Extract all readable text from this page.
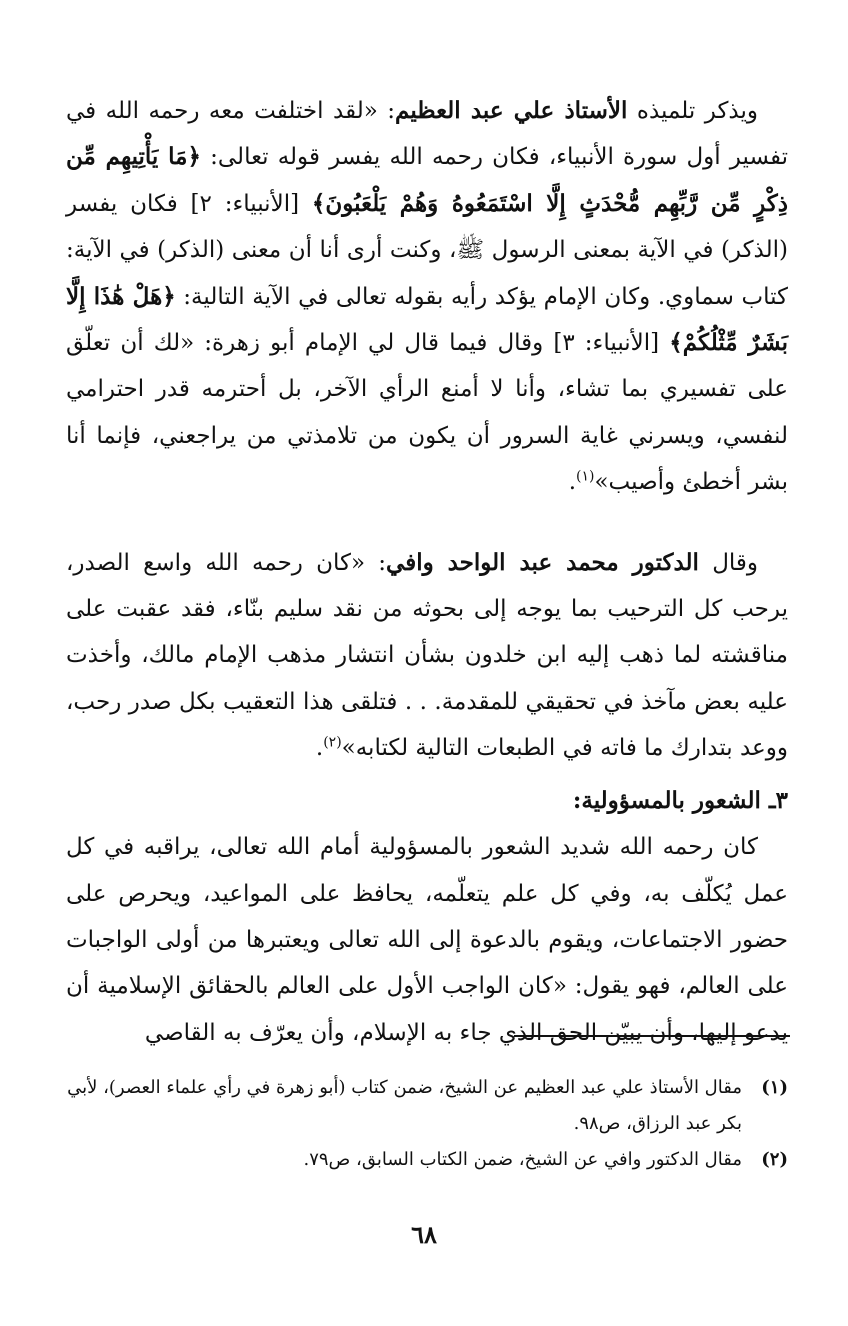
ويذكر تلميذه الأستاذ علي عبد العظيم: «لقد اختلفت معه رحمه الله في تفسير أول سورة الأنبياء، فكان رحمه الله يفسر قوله تعالى: ﴿مَا يَأْتِيهِم مِّن ذِكْرٍ مِّن رَّبِّهِم مُّحْدَثٍ إِلَّا اسْتَمَعُوهُ وَهُمْ يَلْعَبُونَ﴾ [الأنبياء: ٢] فكان يفسر (الذكر) في الآية بمعنى الرسول ﷺ، وكنت أرى أنا أن معنى (الذكر) في الآية: كتاب سماوي. وكان الإمام يؤكد رأيه بقوله تعالى في الآية التالية: ﴿هَلْ هَٰذَا إِلَّا بَشَرٌ مِّثْلُكُمْ﴾ [الأنبياء: ٣] وقال فيما قال لي الإمام أبو زهرة: «لك أن تعلّق على تفسيري بما تشاء، وأنا لا أمنع الرأي الآخر، بل أحترمه قدر احترامي لنفسي، ويسرني غاية السرور أن يكون من تلامذتي من يراجعني، فإنما أنا بشر أخطئ وأصيب»$^{(١)}$.

وقال الدكتور محمد عبد الواحد وافي: «كان رحمه الله واسع الصدر، يرحب كل الترحيب بما يوجه إلى بحوثه من نقد سليم بنّاء، فقد عقبت على مناقشته لما ذهب إليه ابن خلدون بشأن انتشار مذهب الإمام مالك، وأخذت عليه بعض مآخذ في تحقيقي للمقدمة. . . فتلقى هذا التعقيب بكل صدر رحب، ووعد بتدارك ما فاته في الطبعات التالية لكتابه»$^{(٢)}$.

٣ـ الشعور بالمسؤولية:

كان رحمه الله شديد الشعور بالمسؤولية أمام الله تعالى، يراقبه في كل عمل يُكلّف به، وفي كل علم يتعلّمه، يحافظ على المواعيد، ويحرص على حضور الاجتماعات، ويقوم بالدعوة إلى الله تعالى ويعتبرها من أولى الواجبات على العالم، فهو يقول: «كان الواجب الأول على العالم بالحقائق الإسلامية أن يدعو إليها، وأن يبيّن الحق الذي جاء به الإسلام، وأن يعرّف به القاصي

(١)
مقال الأستاذ علي عبد العظيم عن الشيخ، ضمن كتاب (أبو زهرة في رأي علماء العصر)، لأبي بكر عبد الرزاق، ص٩٨.
(٢)
مقال الدكتور وافي عن الشيخ، ضمن الكتاب السابق، ص٧٩.
٦٨
